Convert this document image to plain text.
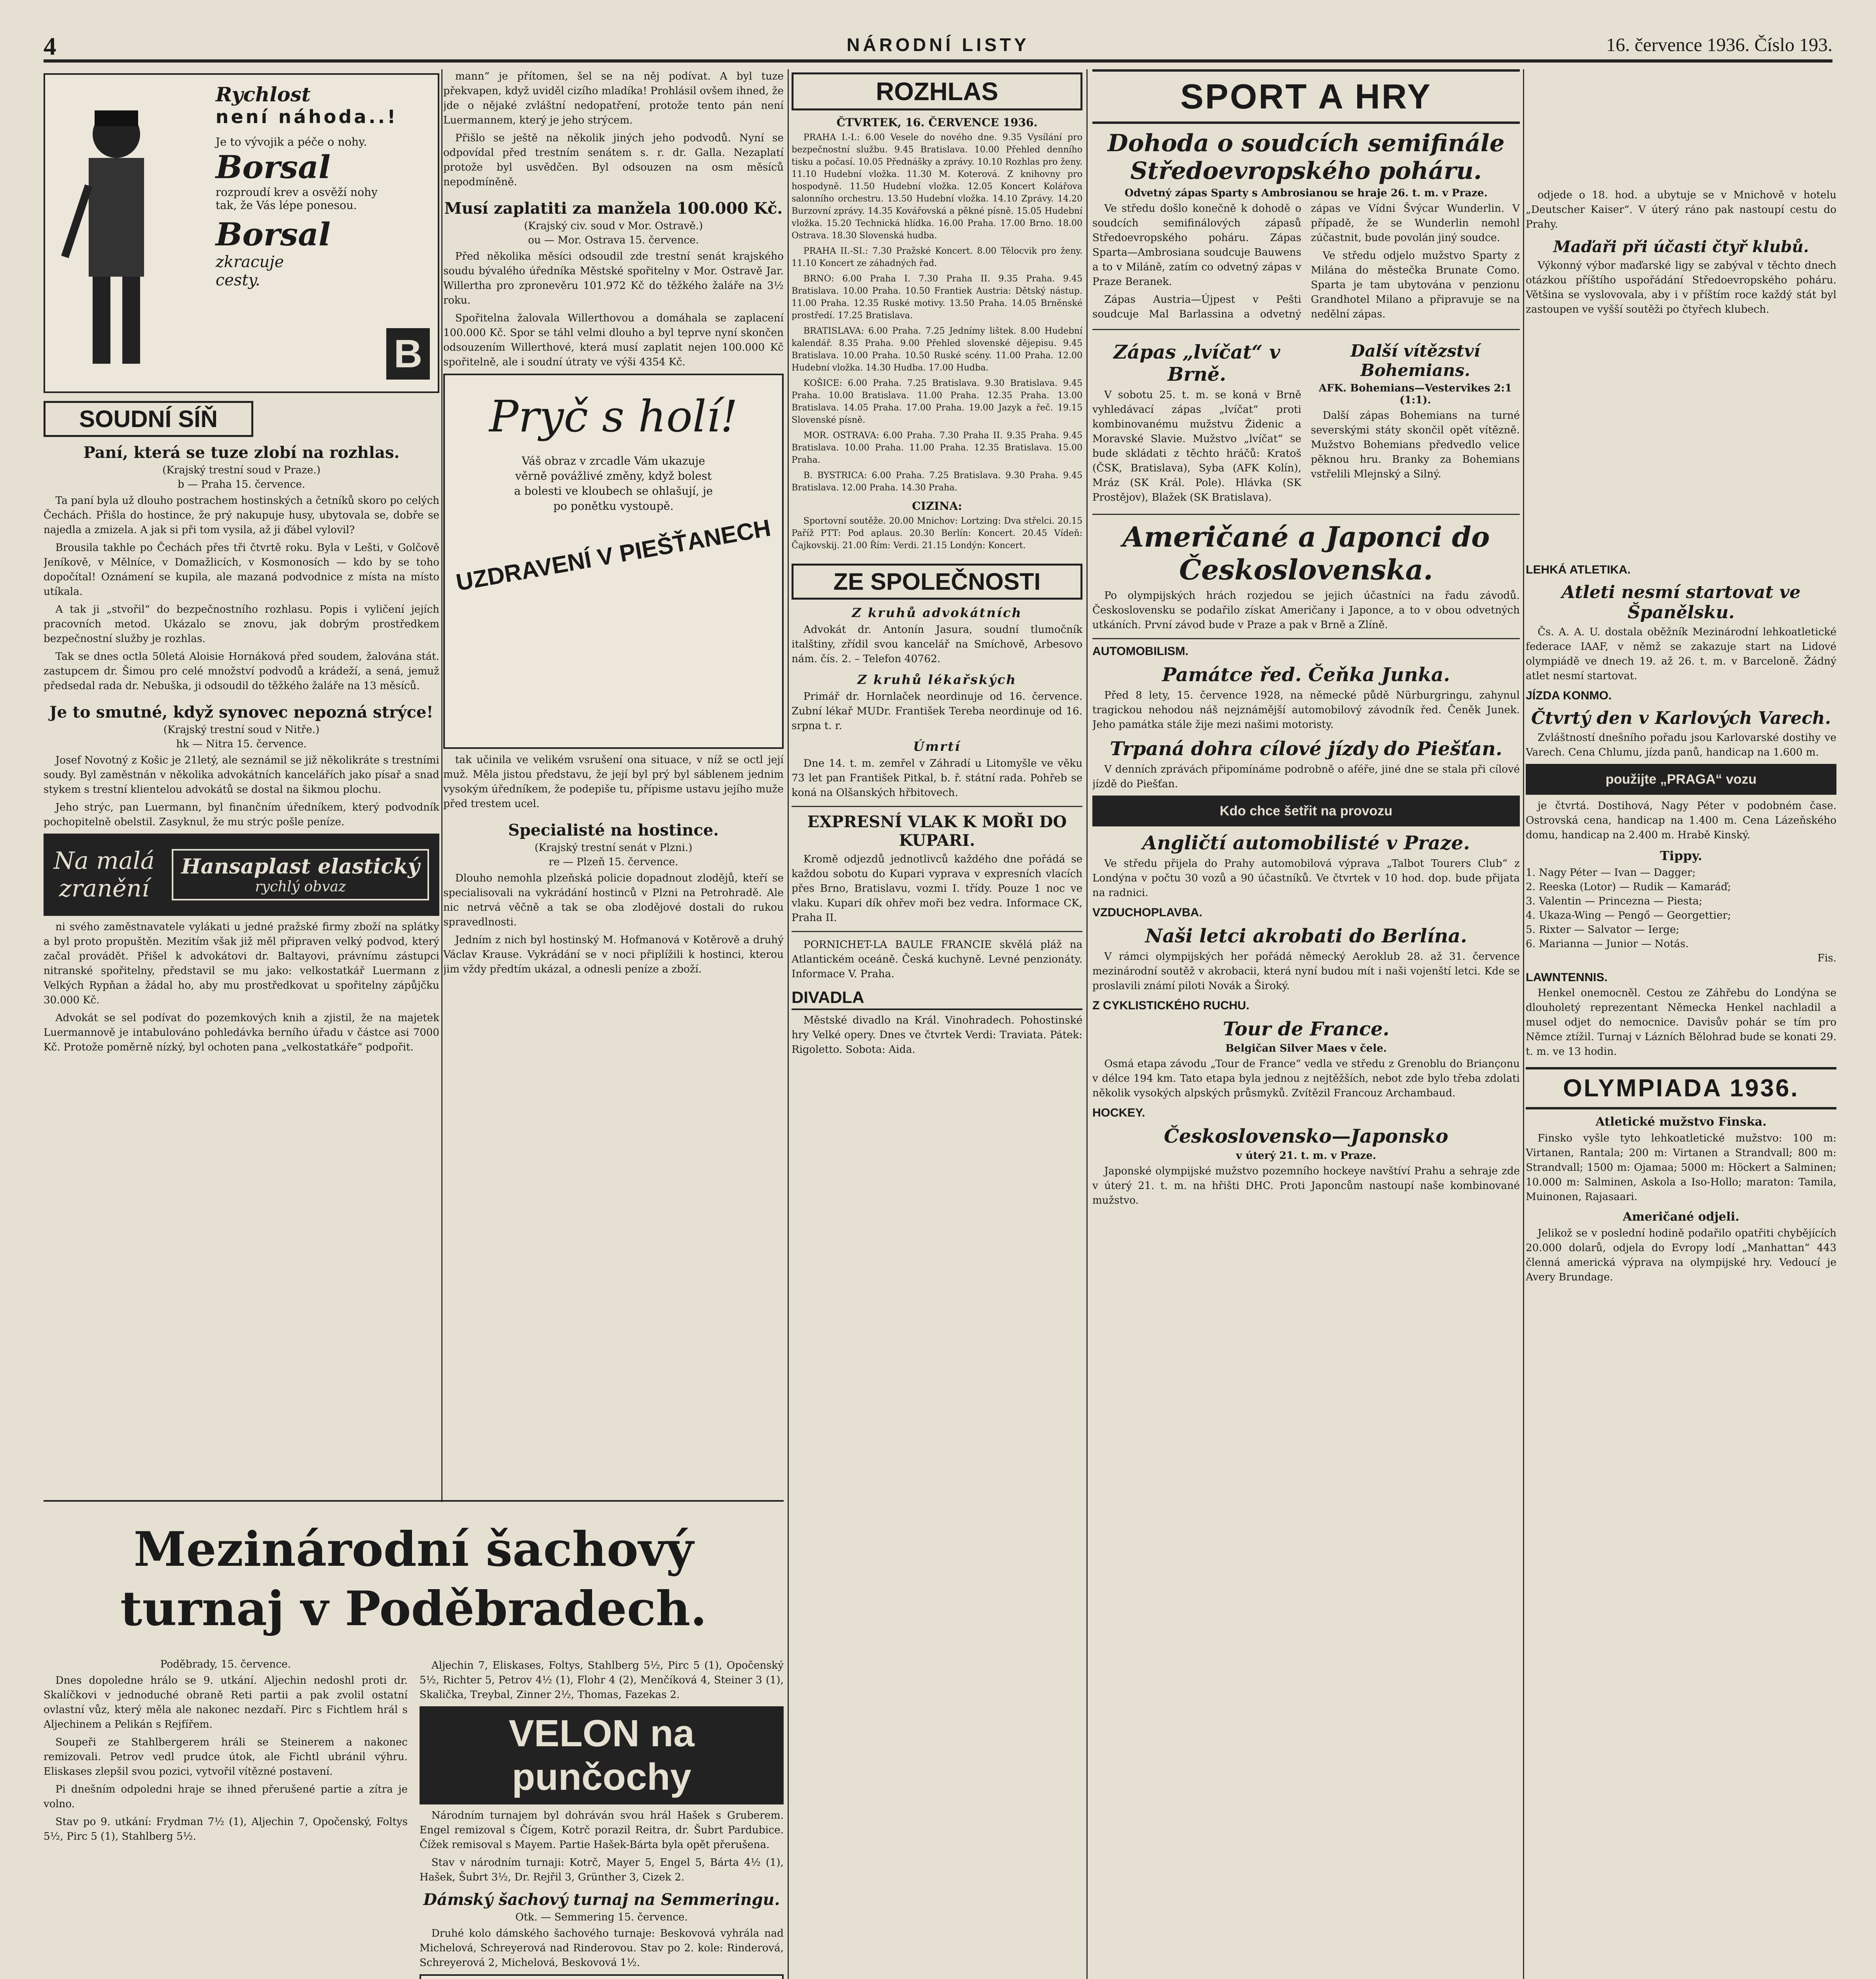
4	NÁRODNÍ LISTY	16. července 1936. Číslo 193.
Rychlost
není náhoda..!
Je to vývojik a péče o nohy.
Borsal
rozproudí krev a osvěží nohy
tak, že Vás lépe ponesou.
Borsal
zkracuje
cesty.
B
SOUDNÍ SÍŇ
Paní, která se tuze zlobí na rozhlas.
(Krajský trestní soud v Praze.)
b — Praha 15. července.

Ta paní byla už dlouho postrachem hostinských a četníků skoro po celých Čechách. Přišla do hostince, že prý nakupuje husy, ubytovala se, dobře se najedla a zmizela. A jak si při tom vysila, až ji ďábel vylovil?

Brousila takhle po Čechách přes tři čtvrtě roku. Byla v Lešti, v Golčově Jeníkově, v Mělníce, v Domažlicích, v Kosmonosích — kdo by se toho dopočítal! Oznámení se kupila, ale mazaná podvodnice z místa na místo utíkala.

A tak ji „stvořil“ do bezpečnostního rozhlasu. Popis i vyličení jejích pracovních metod. Ukázalo se znovu, jak dobrým prostředkem bezpečnostní služby je rozhlas.

Tak se dnes octla 50letá Aloisie Hornáková před soudem, žalována stát. zastupcem dr. Šimou pro celé množství podvodů a krádeží, a sená, jemuž předsedal rada dr. Nebuška, ji odsoudil do těžkého žaláře na 13 měsíců.

Je to smutné, když synovec nepozná strýce!
(Krajský trestní soud v Nitře.)
hk — Nitra 15. července.

Josef Novotný z Košic je 21letý, ale seznámil se již několikráte s trestními soudy. Byl zaměstnán v několika advokátních kancelářích jako písař a snad stykem s trestní klientelou advokátů se dostal na šikmou plochu.

Jeho strýc, pan Luermann, byl finančním úředníkem, který podvodník pochopitelně obelstil. Zasyknul, že mu strýc pošle peníze.

Na malá
zranění
Hansaplast elastický
rychlý obvaz

ni svého zaměstnavatele vylákati u jedné pražské firmy zboží na splátky a byl proto propuštěn. Mezitím však již měl připraven velký podvod, který začal provádět. Přišel k advokátovi dr. Baltayovi, právnímu zástupci nitranské spořitelny, představil se mu jako: velkostatkář Luermann z Velkých Rypňan a žádal ho, aby mu prostředkovat u spořitelny zápůjčku 30.000 Kč.

Advokát se sel podívat do pozemkových knih a zjistil, že na majetek Luermannově je intabulováno pohledávka berního úřadu v částce asi 7000 Kč. Protože poměrně nízký, byl ochoten pana „velkostatkáře“ podpořit.

mann“ je přítomen, šel se na něj podívat. A byl tuze překvapen, když uviděl cizího mladíka! Prohlásil ovšem ihned, že jde o nějaké zvláštní nedopatření, protože tento pán není Luermannem, který je jeho strýcem.

Přišlo se ještě na několik jiných jeho podvodů. Nyní se odpovídal před trestním senátem s. r. dr. Galla. Nezaplatí protože byl usvědčen. Byl odsouzen na osm měsíců nepodmíněně.

Musí zaplatiti za manžela 100.000 Kč.
(Krajský civ. soud v Mor. Ostravě.)
ou — Mor. Ostrava 15. července.

Před několika měsíci odsoudil zde trestní senát krajského soudu bývalého úředníka Městské spořitelny v Mor. Ostravě Jar. Willertha pro zpronevěru 101.972 Kč do těžkého žaláře na 3½ roku.

Spořitelna žalovala Willerthovou a domáhala se zaplacení 100.000 Kč. Spor se táhl velmi dlouho a byl teprve nyní skončen odsouzením Willerthové, která musí zaplatit nejen 100.000 Kč spořitelně, ale i soudní útraty ve výši 4354 Kč.

Pryč s holí!
Váš obraz v zrcadle Vám ukazuje věrně povážlivé změny, když bolest a bolesti ve kloubech se ohlašují, je po ponětku vystoupě.
UZDRAVENÍ V PIEŠŤANECH

tak učinila ve velikém vsrušení ona situace, v níž se octl její muž. Měla jistou představu, že její byl prý byl sáblenem jednim vysokým úředníkem, že podepiše tu, přípisme ustavu jejího muže před trestem ucel.

Specialisté na hostince.
(Krajský trestní senát v Plzni.)
re — Plzeň 15. července.

Dlouho nemohla plzeňská policie dopadnout zlodějů, kteří se specialisovali na vykrádání hostinců v Plzni na Petrohradě. Ale nic netrvá věčně a tak se oba zlodějové dostali do rukou spravedlnosti.

Jedním z nich byl hostinský M. Hofmanová v Kotěrově a druhý Václav Krause. Vykrádání se v noci připlížili k hostinci, kterou jim vždy předtím ukázal, a odnesli peníze a zboží.

Mezinárodní šachový turnaj v Poděbradech.
Poděbrady, 15. července.

Dnes dopoledne hrálo se 9. utkání. Aljechin nedoshl proti dr. Skalíčkovi v jednoduché obraně Reti partii a pak zvolil ostatní ovlastní vůz, který měla ale nakonec nezdaří. Pirc s Fichtlem hrál s Aljechinem a Pelikán s Rejfířem.

Soupeři ze Stahlbergerem hráli se Steinerem a nakonec remizovali. Petrov vedl prudce útok, ale Fichtl ubránil výhru. Eliskases zlepšil svou pozici, vytvořil vítězné postavení.

Pi dnešním odpoledni hraje se ihned přerušené partie a zítra je volno.

Stav po 9. utkání: Frydman 7½ (1), Aljechin 7, Opočenský, Foltys 5½, Pirc 5 (1), Stahlberg 5½.

Aljechin 7, Eliskases, Foltys, Stahlberg 5½, Pirc 5 (1), Opočenský 5½, Richter 5, Petrov 4½ (1), Flohr 4 (2), Menčíková 4, Steiner 3 (1), Skalička, Treybal, Zinner 2½, Thomas, Fazekas 2.

VELON na punčochy

Národním turnajem byl dohráván svou hrál Hašek s Gruberem. Engel remizoval s Čígem, Kotrč porazil Reitra, dr. Šubrt Pardubice. Čížek remisoval s Mayem. Partie Hašek-Bárta byla opět přerušena.

Stav v národním turnaji: Kotrč, Mayer 5, Engel 5, Bárta 4½ (1), Hašek, Šubrt 3½, Dr. Rejřil 3, Grünther 3, Cizek 2.

Dámský šachový turnaj na Semmeringu.
Otk. — Semmering 15. července.

Druhé kolo dámského šachového turnaje: Beskovová vyhrála nad Michelová, Schreyerová nad Rinderovou. Stav po 2. kole: Rinderová, Schreyerová 2, Michelová, Beskovová 1½.

ROZHLAS
ČTVRTEK, 16. ČERVENCE 1936.

PRAHA I.-I.: 6.00 Vesele do nového dne. 9.35 Vysílání pro bezpečnostní službu. 9.45 Bratislava. 10.00 Přehled denního tisku a počasí. 10.05 Přednášky a zprávy. 10.10 Rozhlas pro ženy. 11.10 Hudební vložka. 11.30 M. Koterová. Z knihovny pro hospodyně. 11.50 Hudební vložka. 12.05 Koncert Kolářova salonního orchestru. 13.50 Hudební vložka. 14.10 Zprávy. 14.20 Burzovní zprávy. 14.35 Kovářovská a pěkné písně. 15.05 Hudební vložka. 15.20 Technická hlídka. 16.00 Praha. 17.00 Brno. 18.00 Ostrava. 18.30 Slovenská hudba.

PRAHA II.-SI.: 7.30 Pražské Koncert. 8.00 Tělocvik pro ženy. 11.10 Koncert ze záhadných řad.

BRNO: 6.00 Praha I. 7.30 Praha II. 9.35 Praha. 9.45 Bratislava. 10.00 Praha. 10.50 Frantiek Austria: Dětský nástup. 11.00 Praha. 12.35 Ruské motivy. 13.50 Praha. 14.05 Brněnské prostředí. 17.25 Bratislava.

BRATISLAVA: 6.00 Praha. 7.25 Jednímy lištek. 8.00 Hudební kalendář. 8.35 Praha. 9.00 Přehled slovenské dějepisu. 9.45 Bratislava. 10.00 Praha. 10.50 Ruské scény. 11.00 Praha. 12.00 Hudební vložka. 14.30 Hudba. 17.00 Hudba.

KOŠICE: 6.00 Praha. 7.25 Bratislava. 9.30 Bratislava. 9.45 Praha. 10.00 Bratislava. 11.00 Praha. 12.35 Praha. 13.00 Bratislava. 14.05 Praha. 17.00 Praha. 19.00 Jazyk a řeč. 19.15 Slovenské písně.

MOR. OSTRAVA: 6.00 Praha. 7.30 Praha II. 9.35 Praha. 9.45 Bratislava. 10.00 Praha. 11.00 Praha. 12.35 Bratislava. 15.00 Praha.

B. BYSTRICA: 6.00 Praha. 7.25 Bratislava. 9.30 Praha. 9.45 Bratislava. 12.00 Praha. 14.30 Praha.

CIZINA:

Sportovní soutěže. 20.00 Mnichov: Lortzing: Dva střelci. 20.15 Paříž PTT: Pod aplaus. 20.30 Berlín: Koncert. 20.45 Vídeň: Čajkovskij. 21.00 Řím: Verdi. 21.15 Londýn: Koncert.

ZE SPOLEČNOSTI
Z kruhů advokátních

Advokát dr. Antonín Jasura, soudní tlumočník italštiny, zřídil svou kancelář na Smíchově, Arbesovo nám. čís. 2. – Telefon 40762.

Z kruhů lékařských

Primář dr. Hornlaček neordinuje od 16. července. Zubní lékař MUDr. František Tereba neordinuje od 16. srpna t. r.

Úmrtí

Dne 14. t. m. zemřel v Záhradí u Litomyšle ve věku 73 let pan František Pitkal, b. ř. státní rada. Pohřeb se koná na Olšanských hřbitovech.

EXPRESNÍ VLAK K MOŘI DO KUPARI.

Kromě odjezdů jednotlivců každého dne pořádá se každou sobotu do Kupari vyprava v expresních vlacích přes Brno, Bratislavu, vozmi I. třídy. Pouze 1 noc ve vlaku. Kupari dík ohřev moři bez vedra. Informace CK, Praha II.

PORNICHET-LA BAULE FRANCIE skvělá pláž na Atlantickém oceáně. Česká kuchyně. Levné penzionáty. Informace V. Praha.

DIVADLA

Městské divadlo na Král. Vinohradech. Pohostinské hry Velké opery. Dnes ve čtvrtek Verdi: Traviata. Pátek: Rigoletto. Sobota: Aida.

SPORT A HRY
Dohoda o soudcích semifinále Středoevropského poháru.
Odvetný zápas Sparty s Ambrosianou se hraje 26. t. m. v Praze.

Ve středu došlo konečně k dohodě o soudcích semifinálových zápasů Středoevropského poháru. Zápas Sparta—Ambrosiana soudcuje Bauwens a to v Miláně, zatím co odvetný zápas v Praze Beranek.

Zápas Austria—Újpest v Pešti soudcuje Mal Barlassina a odvetný zápas ve Vídni Švýcar Wunderlin. V případě, že se Wunderlin nemohl zúčastnit, bude povolán jiný soudce.

Ve středu odjelo mužstvo Sparty z Milána do městečka Brunate Como. Sparta je tam ubytována v penzionu Grandhotel Milano a připravuje se na nedělní zápas.

Zápas „lvíčat“ v Brně.

V sobotu 25. t. m. se koná v Brně vyhledávací zápas „lvíčat“ proti kombinovanému mužstvu Židenic a Moravské Slavie. Mužstvo „lvíčat“ se bude skládati z těchto hráčů: Kratoš (ČSK, Bratislava), Syba (AFK Kolín), Mráz (SK Král. Pole). Hlávka (SK Prostějov), Blažek (SK Bratislava).

Další vítězství Bohemians.
AFK. Bohemians—Vestervikes 2:1 (1:1).

Další zápas Bohemians na turné severskými státy skončil opět vítězně. Mužstvo Bohemians předvedlo velice pěknou hru. Branky za Bohemians vstřelili Mlejnský a Silný.

Američané a Japonci do Československa.

Po olympijských hrách rozjedou se jejich účastníci na řadu závodů. Československu se podařilo získat Američany i Japonce, a to v obou odvetných utkáních. První závod bude v Praze a pak v Brně a Zlíně.

AUTOMOBILISM.
Památce řed. Čeňka Junka.

Před 8 lety, 15. července 1928, na německé půdě Nürburgringu, zahynul tragickou nehodou náš nejznámější automobilový závodník řed. Čeněk Junek. Jeho památka stále žije mezi našimi motoristy.

Trpaná dohra cílové jízdy do Piešťan.

V denních zprávách připomínáme podrobně o aféře, jiné dne se stala při cílové jízdě do Piešťan.

Kdo chce šetřit na provozu
Angličtí automobilisté v Praze.

Ve středu přijela do Prahy automobilová výprava „Talbot Tourers Club“ z Londýna v počtu 30 vozů a 90 účastníků. Ve čtvrtek v 10 hod. dop. bude přijata na radnici.

VZDUCHOPLAVBA.
Naši letci akrobati do Berlína.

V rámci olympijských her pořádá německý Aeroklub 28. až 31. července mezinárodní soutěž v akrobacii, která nyní budou mít i naši vojenští letci. Kde se proslavili známí piloti Novák a Široký.

Z CYKLISTICKÉHO RUCHU.
Tour de France.
Belgičan Silver Maes v čele.

Osmá etapa závodu „Tour de France“ vedla ve středu z Grenoblu do Briançonu v délce 194 km. Tato etapa byla jednou z nejtěžších, nebot zde bylo třeba zdolati několik vysokých alpských průsmyků. Zvítězil Francouz Archambaud.

HOCKEY.
Československo—Japonsko
v úterý 21. t. m. v Praze.

Japonské olympijské mužstvo pozemního hockeye navštíví Prahu a sehraje zde v úterý 21. t. m. na hřišti DHC. Proti Japoncům nastoupí naše kombinované mužstvo.

odjede o 18. hod. a ubytuje se v Mnichově v hotelu „Deutscher Kaiser“. V úterý ráno pak nastoupí cestu do Prahy.

Maďaři při účasti čtyř klubů.

Výkonný výbor maďarské ligy se zabýval v těchto dnech otázkou příštího uspořádání Středoevropského poháru. Většina se vyslovovala, aby i v příštím roce každý stát byl zastoupen ve vyšší soutěži po čtyřech klubech.

LEHKÁ ATLETIKA.
Atleti nesmí startovat ve Španělsku.

Čs. A. A. U. dostala oběžník Mezinárodní lehkoatletické federace IAAF, v němž se zakazuje start na Lidové olympiádě ve dnech 19. až 26. t. m. v Barceloně. Žádný atlet nesmí startovat.

JÍZDA KONMO.
Čtvrtý den v Karlových Varech.

Zvláštností dnešního pořadu jsou Karlovarské dostihy ve Varech. Cena Chlumu, jízda panů, handicap na 1.600 m.

použijte „PRAGA“ vozu

je čtvrtá. Dostihová, Nagy Péter v podobném čase. Ostrovská cena, handicap na 1.400 m. Cena Lázeňského domu, handicap na 2.400 m. Hrabě Kinský.

Tippy.
1. Nagy Péter — Ivan — Dagger;
2. Reeska (Lotor) — Rudik — Kamaráď;
3. Valentin — Princezna — Piesta;
4. Ukaza-Wing — Pengő — Georgettier;
5. Rixter — Salvator — Ierge;
6. Marianna — Junior — Notás.
Fis.
LAWNTENNIS.

Henkel onemocněl. Cestou ze Záhřebu do Londýna se dlouholetý reprezentant Německa Henkel nachladil a musel odjet do nemocnice. Davisův pohár se tím pro Němce ztížil. Turnaj v Lázních Bělohrad bude se konati 29. t. m. ve 13 hodin.

OLYMPIADA 1936.
Atletické mužstvo Finska.

Finsko vyšle tyto lehkoatletické mužstvo: 100 m: Virtanen, Rantala; 200 m: Virtanen a Strandvall; 800 m: Strandvall; 1500 m: Ojamaa; 5000 m: Höckert a Salminen; 10.000 m: Salminen, Askola a Iso-Hollo; maraton: Tamila, Muinonen, Rajasaari.

Američané odjeli.

Jelikož se v poslední hodině podařilo opatřiti chybějících 20.000 dolarů, odjela do Evropy lodí „Manhattan“ 443 členná americká výprava na olympijské hry. Vedoucí je Avery Brundage.
